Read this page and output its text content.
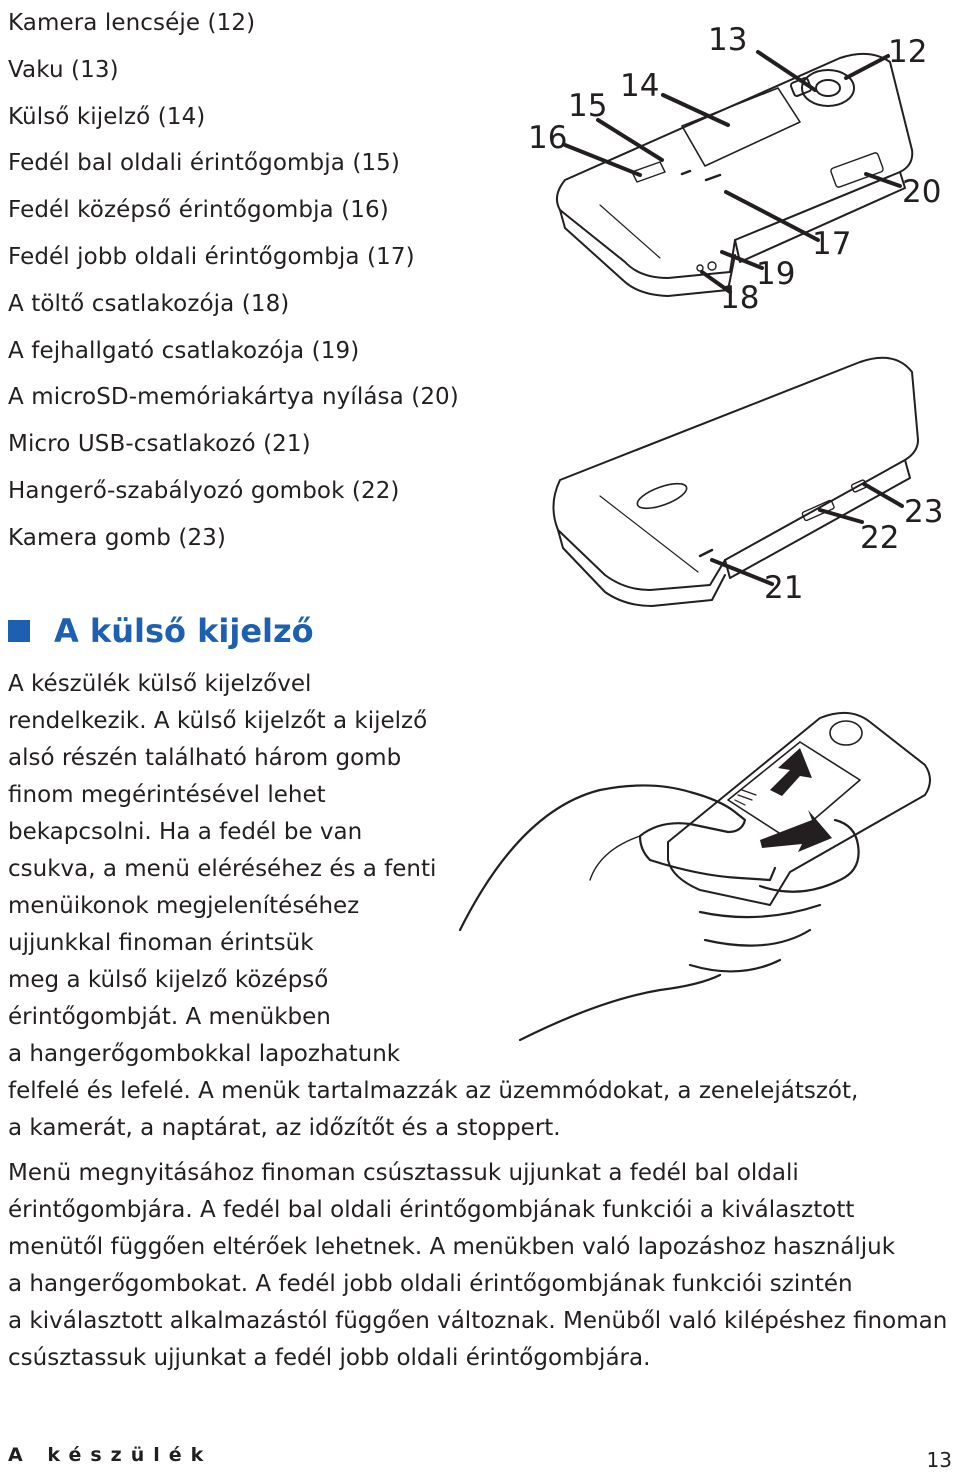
Kamera lencséje (12)
Vaku (13)
Külső kijelző (14)
Fedél bal oldali érintőgombja (15)
Fedél középső érintőgombja (16)
Fedél jobb oldali érintőgombja (17)
A töltő csatlakozója (18)
A fejhallgató csatlakozója (19)
A microSD-memóriakártya nyílása (20)
Micro USB-csatlakozó (21)
Hangerő-szabályozó gombok (22)
Kamera gomb (23)
A külső kijelző

A készülék külső kijelzővel
rendelkezik. A külső kijelzőt a kijelző
alsó részén található három gomb
finom megérintésével lehet
bekapcsolni. Ha a fedél be van
csukva, a menü eléréséhez és a fenti
menüikonok megjelenítéséhez
ujjunkkal finoman érintsük
meg a külső kijelző középső
érintőgombját. A menükben
a hangerőgombokkal lapozhatunk
felfelé és lefelé. A menük tartalmazzák az üzemmódokat, a zenelejátszót,
a kamerát, a naptárat, az időzítőt és a stoppert.

Menü megnyitásához finoman csúsztassuk ujjunkat a fedél bal oldali
érintőgombjára. A fedél bal oldali érintőgombjának funkciói a kiválasztott
menütől függően eltérőek lehetnek. A menükben való lapozáshoz használjuk
a hangerőgombokat. A fedél jobb oldali érintőgombjának funkciói szintén
a kiválasztott alkalmazástól függően változnak. Menüből való kilépéshez finoman
csúsztassuk ujjunkat a fedél jobb oldali érintőgombjára.

12
13
14
15
16
17
19
18
20
21
22
23
A készülék	13
